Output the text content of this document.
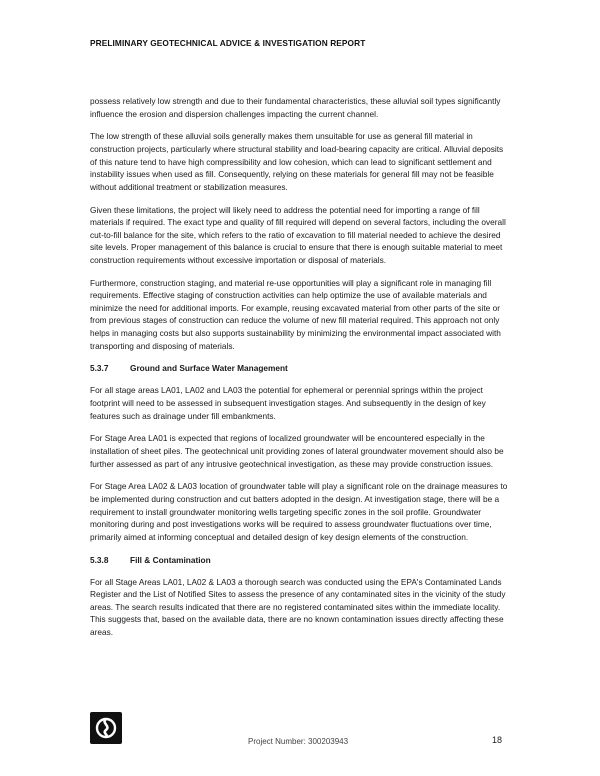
PRELIMINARY GEOTECHNICAL ADVICE & INVESTIGATION REPORT

possess relatively low strength and due to their fundamental characteristics, these alluvial soil types significantly influence the erosion and dispersion challenges impacting the current channel.

The low strength of these alluvial soils generally makes them unsuitable for use as general fill material in construction projects, particularly where structural stability and load-bearing capacity are critical. Alluvial deposits of this nature tend to have high compressibility and low cohesion, which can lead to significant settlement and instability issues when used as fill. Consequently, relying on these materials for general fill may not be feasible without additional treatment or stabilization measures.

Given these limitations, the project will likely need to address the potential need for importing a range of fill materials if required. The exact type and quality of fill required will depend on several factors, including the overall cut-to-fill balance for the site, which refers to the ratio of excavation to fill material needed to achieve the desired site levels. Proper management of this balance is crucial to ensure that there is enough suitable material to meet construction requirements without excessive importation or disposal of materials.

Furthermore, construction staging, and material re-use opportunities will play a significant role in managing fill requirements. Effective staging of construction activities can help optimize the use of available materials and minimize the need for additional imports. For example, reusing excavated material from other parts of the site or from previous stages of construction can reduce the volume of new fill material required. This approach not only helps in managing costs but also supports sustainability by minimizing the environmental impact associated with transporting and disposing of materials.

5.3.7	Ground and Surface Water Management

For all stage areas LA01, LA02 and LA03 the potential for ephemeral or perennial springs within the project footprint will need to be assessed in subsequent investigation stages. And subsequently in the design of key features such as drainage under fill embankments.

For Stage Area LA01 is expected that regions of localized groundwater will be encountered especially in the installation of sheet piles. The geotechnical unit providing zones of lateral groundwater movement should also be further assessed as part of any intrusive geotechnical investigation, as these may provide construction issues.

For Stage Area LA02 & LA03 location of groundwater table will play a significant role on the drainage measures to be implemented during construction and cut batters adopted in the design. At investigation stage, there will be a requirement to install groundwater monitoring wells targeting specific zones in the soil profile. Groundwater monitoring during and post investigations works will be required to assess groundwater fluctuations over time, primarily aimed at informing conceptual and detailed design of key design elements of the construction.

5.3.8	Fill & Contamination

For all Stage Areas LA01, LA02 & LA03 a thorough search was conducted using the EPA's Contaminated Lands Register and the List of Notified Sites to assess the presence of any contaminated sites in the vicinity of the study areas. The search results indicated that there are no registered contaminated sites within the immediate locality. This suggests that, based on the available data, there are no known contamination issues directly affecting these areas.

Project Number: 300203943	18
